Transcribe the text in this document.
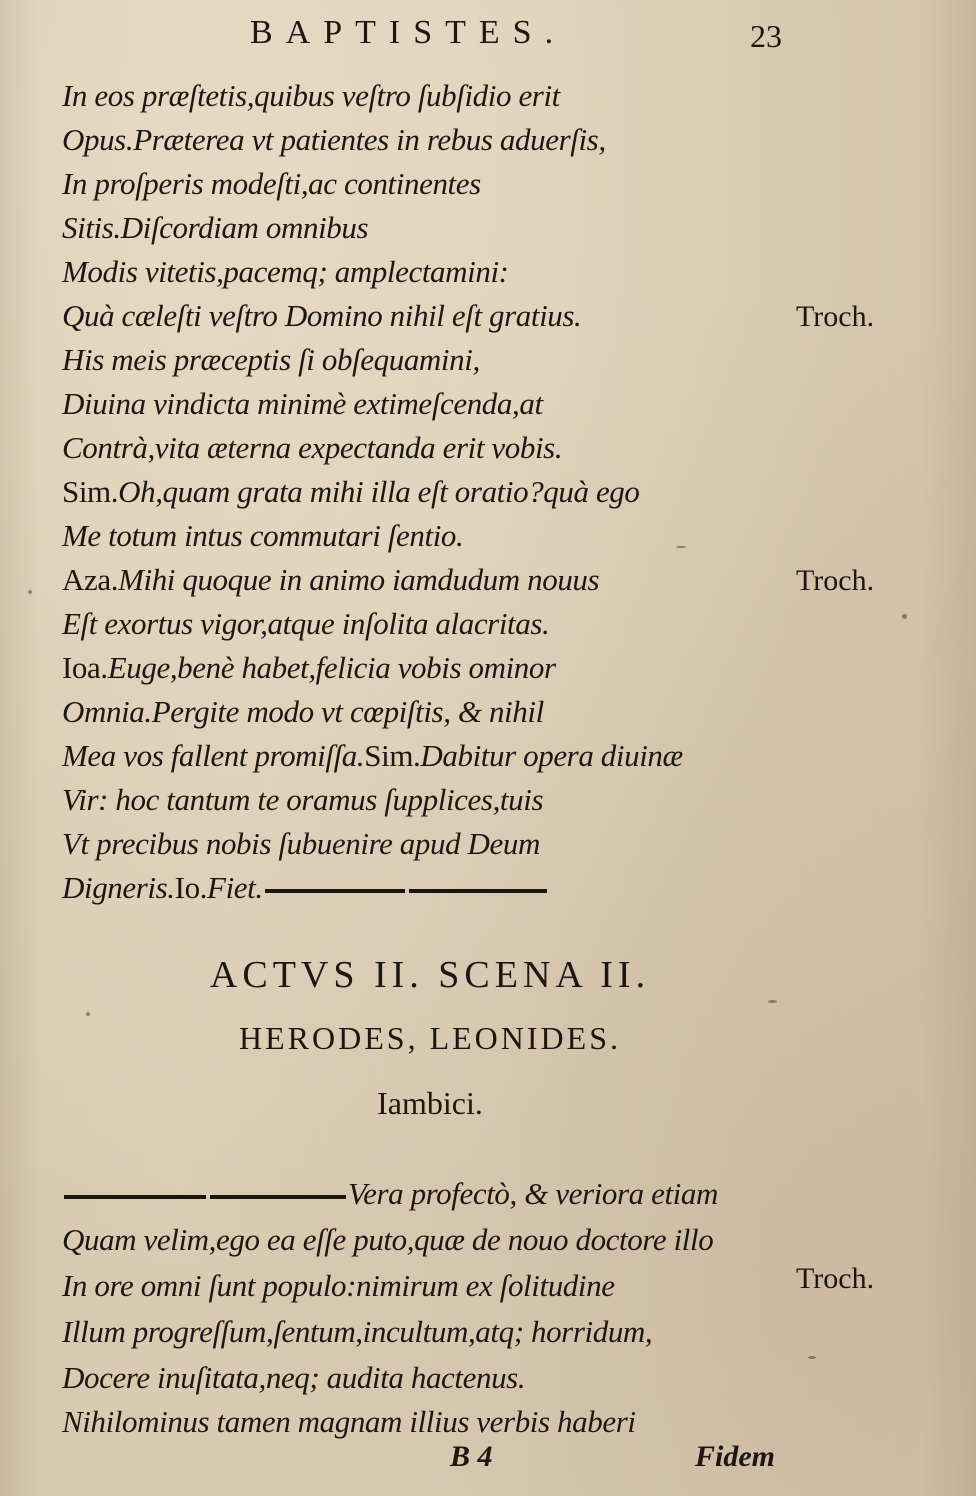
BAPTISTES.	23
In eos præſtetis,quibus veſtro ſubſidio erit
Opus.Prӕterea vt patientes in rebus aduerſis,
In proſperis modeſti,ac continentes
Sitis.Diſcordiam omnibus
Modis vitetis,pacemq; amplectamini:
Quà cæleſti veſtro Domino nihil eſt gratius.
His meis præceptis ſi obſequamini,
Diuina vindicta minimè extimeſcenda,at
Contrà,vita æterna expectanda erit vobis.
Sim.Oh,quam grata mihi illa eſt oratio?quà ego
Me totum intus commutari ſentio.
Aza.Mihi quoque in animo iamdudum nouus
Eſt exortus vigor,atque inſolita alacritas.
Ioa.Euge,benè habet,felicia vobis ominor
Omnia.Pergite modo vt cœpiſtis, & nihil
Mea vos fallent promiſſa.Sim.Dabitur opera diuinæ
Vir: hoc tantum te oramus ſupplices,tuis
Vt precibus nobis ſubuenire apud Deum
Digneris.Io.Fiet.
Troch.
Troch.
ACTVS II. SCENA II.
HERODES, LEONIDES.
Iambici.
Vera profectò, & veriora etiam
Quam velim,ego ea eſſe puto,quæ de nouo doctore illo
In ore omni ſunt populo:nimirum ex ſolitudine
Illum progreſſum,ſentum,incultum,atq; horridum,
Docere inuſitata,neq; audita hactenus.
Nihilominus tamen magnam illius verbis haberi
Troch.
B 4	Fidem
